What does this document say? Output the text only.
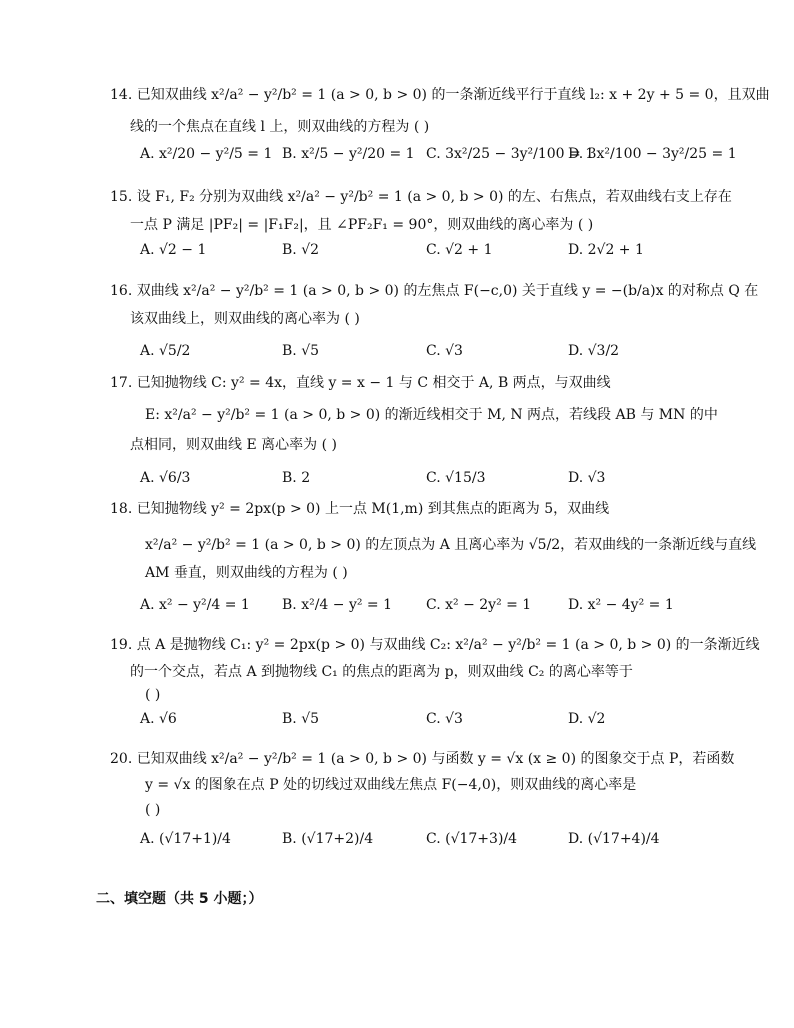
14. 已知双曲线 x²/a² − y²/b² = 1 (a > 0, b > 0) 的一条渐近线平行于直线 l₂: x + 2y + 5 = 0，且双曲
线的一个焦点在直线 l 上，则双曲线的方程为 ( )
A. x²/20 − y²/5 = 1 B. x²/5 − y²/20 = 1 C. 3x²/25 − 3y²/100 = 1
D. 3x²/100 − 3y²/25 = 1
15. 设 F₁, F₂ 分别为双曲线 x²/a² − y²/b² = 1 (a > 0, b > 0) 的左、右焦点，若双曲线右支上存在
一点 P 满足 |PF₂| = |F₁F₂|，且 ∠PF₂F₁ = 90°，则双曲线的离心率为 ( )
A. √2 − 1	B. √2	C. √2 + 1	D. 2√2 + 1
16. 双曲线 x²/a² − y²/b² = 1 (a > 0, b > 0) 的左焦点 F(−c,0) 关于直线 y = −(b/a)x 的对称点 Q 在
该双曲线上，则双曲线的离心率为 ( )
A. √5/2	B. √5	C. √3	D. √3/2
17. 已知抛物线 C: y² = 4x，直线 y = x − 1 与 C 相交于 A, B 两点，与双曲线
E: x²/a² − y²/b² = 1 (a > 0, b > 0) 的渐近线相交于 M, N 两点，若线段 AB 与 MN 的中
点相同，则双曲线 E 离心率为 ( )
A. √6/3	B. 2	C. √15/3	D. √3
18. 已知抛物线 y² = 2px(p > 0) 上一点 M(1,m) 到其焦点的距离为 5，双曲线
x²/a² − y²/b² = 1 (a > 0, b > 0) 的左顶点为 A 且离心率为 √5/2，若双曲线的一条渐近线与直线
AM 垂直，则双曲线的方程为 ( )
A. x² − y²/4 = 1 B. x²/4 − y² = 1 C. x² − 2y² = 1	D. x² − 4y² = 1
19. 点 A 是抛物线 C₁: y² = 2px(p > 0) 与双曲线 C₂: x²/a² − y²/b² = 1 (a > 0, b > 0) 的一条渐近线
的一个交点，若点 A 到抛物线 C₁ 的焦点的距离为 p，则双曲线 C₂ 的离心率等于
( )
A. √6	B. √5	C. √3	D. √2
20. 已知双曲线 x²/a² − y²/b² = 1 (a > 0, b > 0) 与函数 y = √x (x ≥ 0) 的图象交于点 P，若函数
y = √x 的图象在点 P 处的切线过双曲线左焦点 F(−4,0)，则双曲线的离心率是
( )
A. (√17+1)/4	B. (√17+2)/4	C. (√17+3)/4	D. (√17+4)/4
二、填空题（共 5 小题；）
